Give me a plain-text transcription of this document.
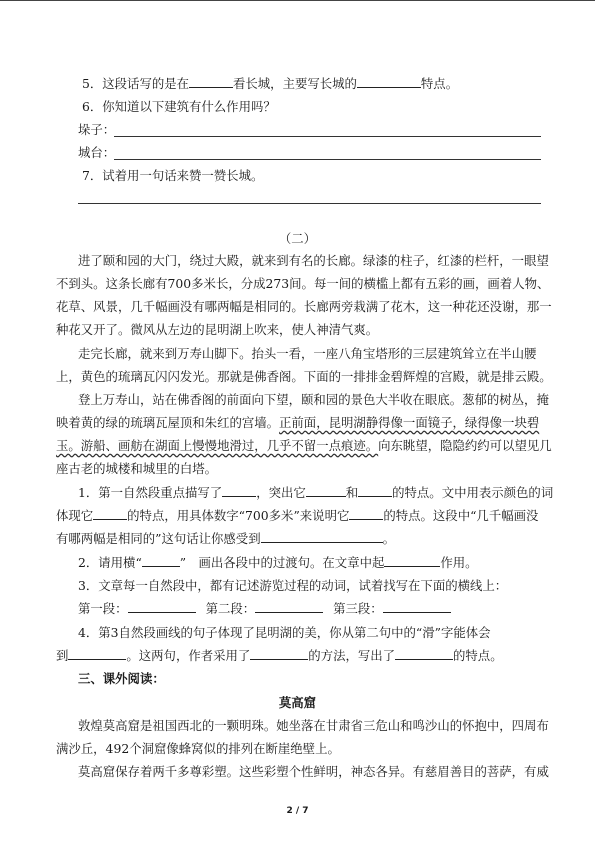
5．这段话写的是在	看长城，主要写长城的	特点。
6．你知道以下建筑有什么作用吗？
垛子：
城台：
7．试着用一句话来赞一赞长城。
（二）
进了颐和园的大门，绕过大殿，就来到有名的长廊。绿漆的柱子，红漆的栏杆，一眼望
不到头。这条长廊有700多米长，分成273间。每一间的横槛上都有五彩的画，画着人物、
花草、风景，几千幅画没有哪两幅是相同的。长廊两旁栽满了花木，这一种花还没谢，那一
种花又开了。微风从左边的昆明湖上吹来，使人神清气爽。
走完长廊，就来到万寿山脚下。抬头一看，一座八角宝塔形的三层建筑耸立在半山腰
上，黄色的琉璃瓦闪闪发光。那就是佛香阁。下面的一排排金碧辉煌的宫殿，就是排云殿。
登上万寿山，站在佛香阁的前面向下望，颐和园的景色大半收在眼底。葱郁的树丛，掩
映着黄的绿的琉璃瓦屋顶和朱红的宫墙。正前面，昆明湖静得像一面镜子，绿得像一块碧
玉。游船、画舫在湖面上慢慢地滑过，几乎不留一点痕迹。向东眺望，隐隐约约可以望见几
座古老的城楼和城里的白塔。
1．第一自然段重点描写了	，突出它	和	的特点。文中用表示颜色的词
体现它	的特点，用具体数字“700多米”来说明它	的特点。这段中“几千幅画没
有哪两幅是相同的”这句话让你感受到	。
2．请用横“	”　画出各段中的过渡句。在文章中起	作用。
3．文章每一自然段中，都有记述游览过程的动词，试着找写在下面的横线上：
第一段：	第二段：	第三段：
4．第3自然段画线的句子体现了昆明湖的美，你从第二句中的“滑”字能体会
到	。这两句，作者采用了	的方法，写出了	的特点。
三、课外阅读：
莫高窟
敦煌莫高窟是祖国西北的一颗明珠。她坐落在甘肃省三危山和鸣沙山的怀抱中，四周布
满沙丘，492个洞窟像蜂窝似的排列在断崖绝壁上。
莫高窟保存着两千多尊彩塑。这些彩塑个性鲜明，神态各异。有慈眉善目的菩萨，有威
2 / 7
